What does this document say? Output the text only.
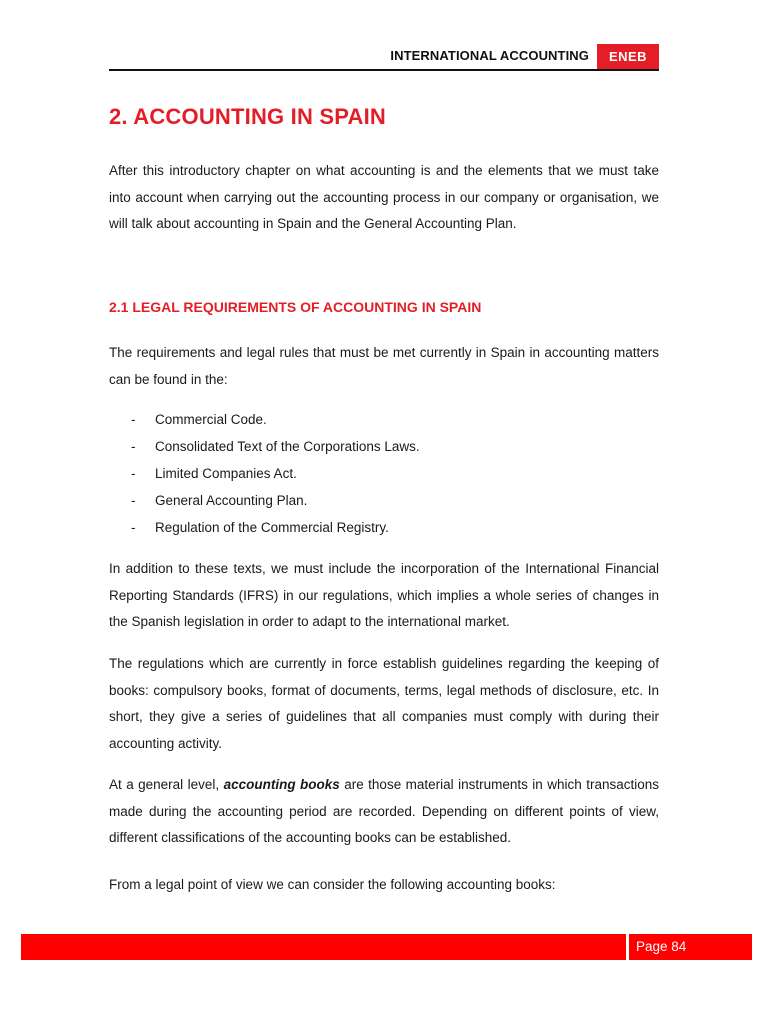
INTERNATIONAL ACCOUNTING	ENEB
2. ACCOUNTING IN SPAIN

After this introductory chapter on what accounting is and the elements that we must take into account when carrying out the accounting process in our company or organisation, we will talk about accounting in Spain and the General Accounting Plan.

2.1 LEGAL REQUIREMENTS OF ACCOUNTING IN SPAIN

The requirements and legal rules that must be met currently in Spain in accounting matters can be found in the:

- Commercial Code.
- Consolidated Text of the Corporations Laws.
- Limited Companies Act.
- General Accounting Plan.
- Regulation of the Commercial Registry.

In addition to these texts, we must include the incorporation of the International Financial Reporting Standards (IFRS) in our regulations, which implies a whole series of changes in the Spanish legislation in order to adapt to the international market.

The regulations which are currently in force establish guidelines regarding the keeping of books: compulsory books, format of documents, terms, legal methods of disclosure, etc. In short, they give a series of guidelines that all companies must comply with during their accounting activity.

At a general level, accounting books are those material instruments in which transactions made during the accounting period are recorded. Depending on different points of view, different classifications of the accounting books can be established.

From a legal point of view we can consider the following accounting books:

Page 84
